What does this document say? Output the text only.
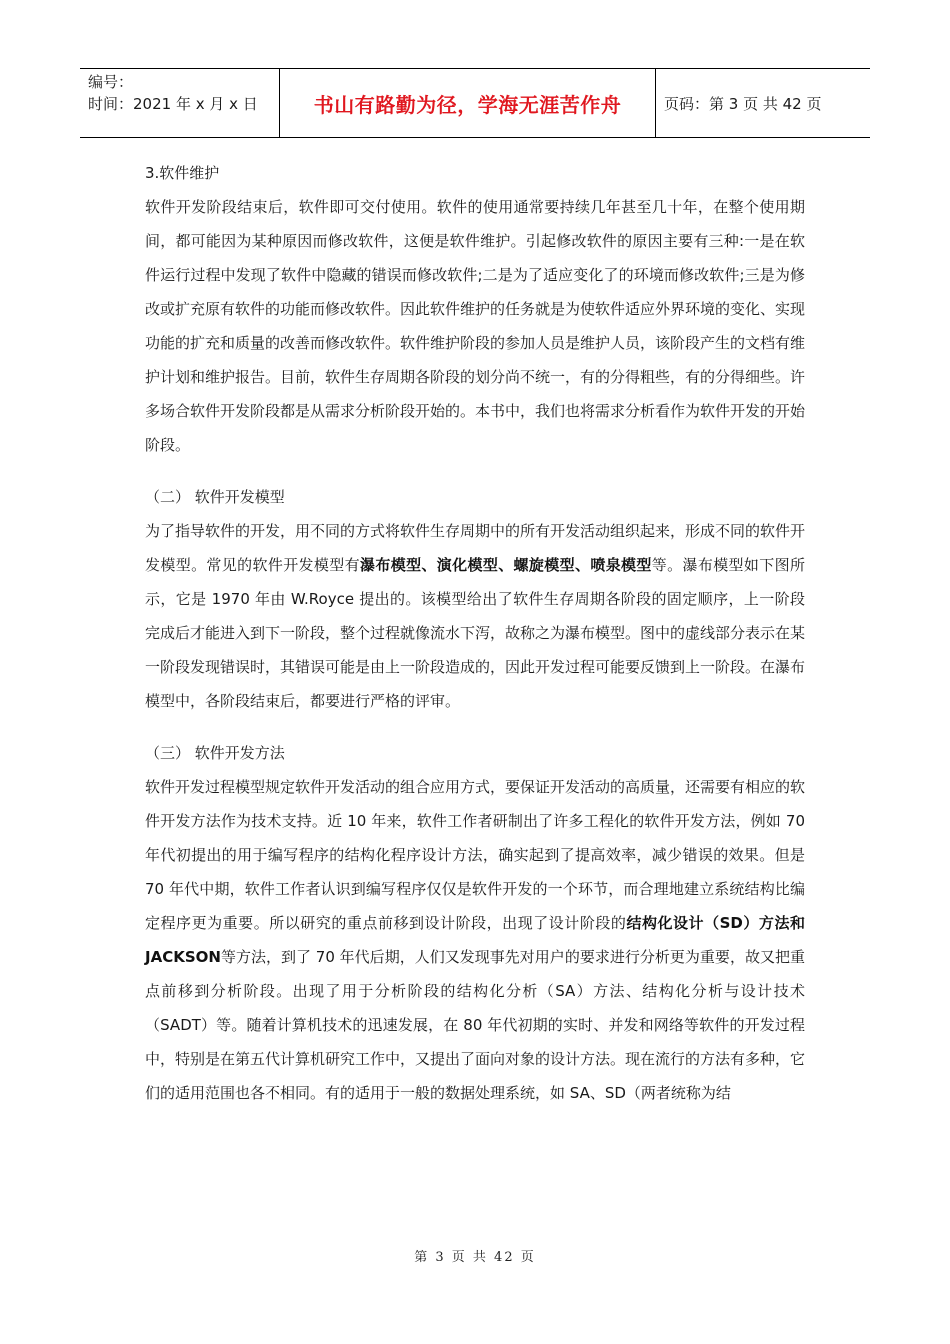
编号：
时间：2021 年 x 月 x 日	书山有路勤为径，学海无涯苦作舟	页码：第 3 页 共 42 页

3.软件维护

软件开发阶段结束后，软件即可交付使用。软件的使用通常要持续几年甚至几十年，在整个使用期间，都可能因为某种原因而修改软件，这便是软件维护。引起修改软件的原因主要有三种:一是在软件运行过程中发现了软件中隐藏的错误而修改软件;二是为了适应变化了的环境而修改软件;三是为修改或扩充原有软件的功能而修改软件。因此软件维护的任务就是为使软件适应外界环境的变化、实现功能的扩充和质量的改善而修改软件。软件维护阶段的参加人员是维护人员，该阶段产生的文档有维护计划和维护报告。目前，软件生存周期各阶段的划分尚不统一，有的分得粗些，有的分得细些。许多场合软件开发阶段都是从需求分析阶段开始的。本书中，我们也将需求分析看作为软件开发的开始阶段。

（二） 软件开发模型

为了指导软件的开发，用不同的方式将软件生存周期中的所有开发活动组织起来，形成不同的软件开发模型。常见的软件开发模型有瀑布模型、演化模型、螺旋模型、喷泉模型等。瀑布模型如下图所示，它是 1970 年由 W.Royce 提出的。该模型给出了软件生存周期各阶段的固定顺序，上一阶段完成后才能进入到下一阶段，整个过程就像流水下泻，故称之为瀑布模型。图中的虚线部分表示在某一阶段发现错误时，其错误可能是由上一阶段造成的，因此开发过程可能要反馈到上一阶段。在瀑布模型中，各阶段结束后，都要进行严格的评审。

（三） 软件开发方法

软件开发过程模型规定软件开发活动的组合应用方式，要保证开发活动的高质量，还需要有相应的软件开发方法作为技术支持。近 10 年来，软件工作者研制出了许多工程化的软件开发方法，例如 70 年代初提出的用于编写程序的结构化程序设计方法，确实起到了提高效率，减少错误的效果。但是 70 年代中期，软件工作者认识到编写程序仅仅是软件开发的一个环节，而合理地建立系统结构比编定程序更为重要。所以研究的重点前移到设计阶段，出现了设计阶段的结构化设计（SD）方法和 JACKSON等方法，到了 70 年代后期，人们又发现事先对用户的要求进行分析更为重要，故又把重点前移到分析阶段。出现了用于分析阶段的结构化分析（SA）方法、结构化分析与设计技术（SADT）等。随着计算机技术的迅速发展，在 80 年代初期的实时、并发和网络等软件的开发过程中，特别是在第五代计算机研究工作中，又提出了面向对象的设计方法。现在流行的方法有多种，它们的适用范围也各不相同。有的适用于一般的数据处理系统，如 SA、SD（两者统称为结

第 3 页 共 42 页
